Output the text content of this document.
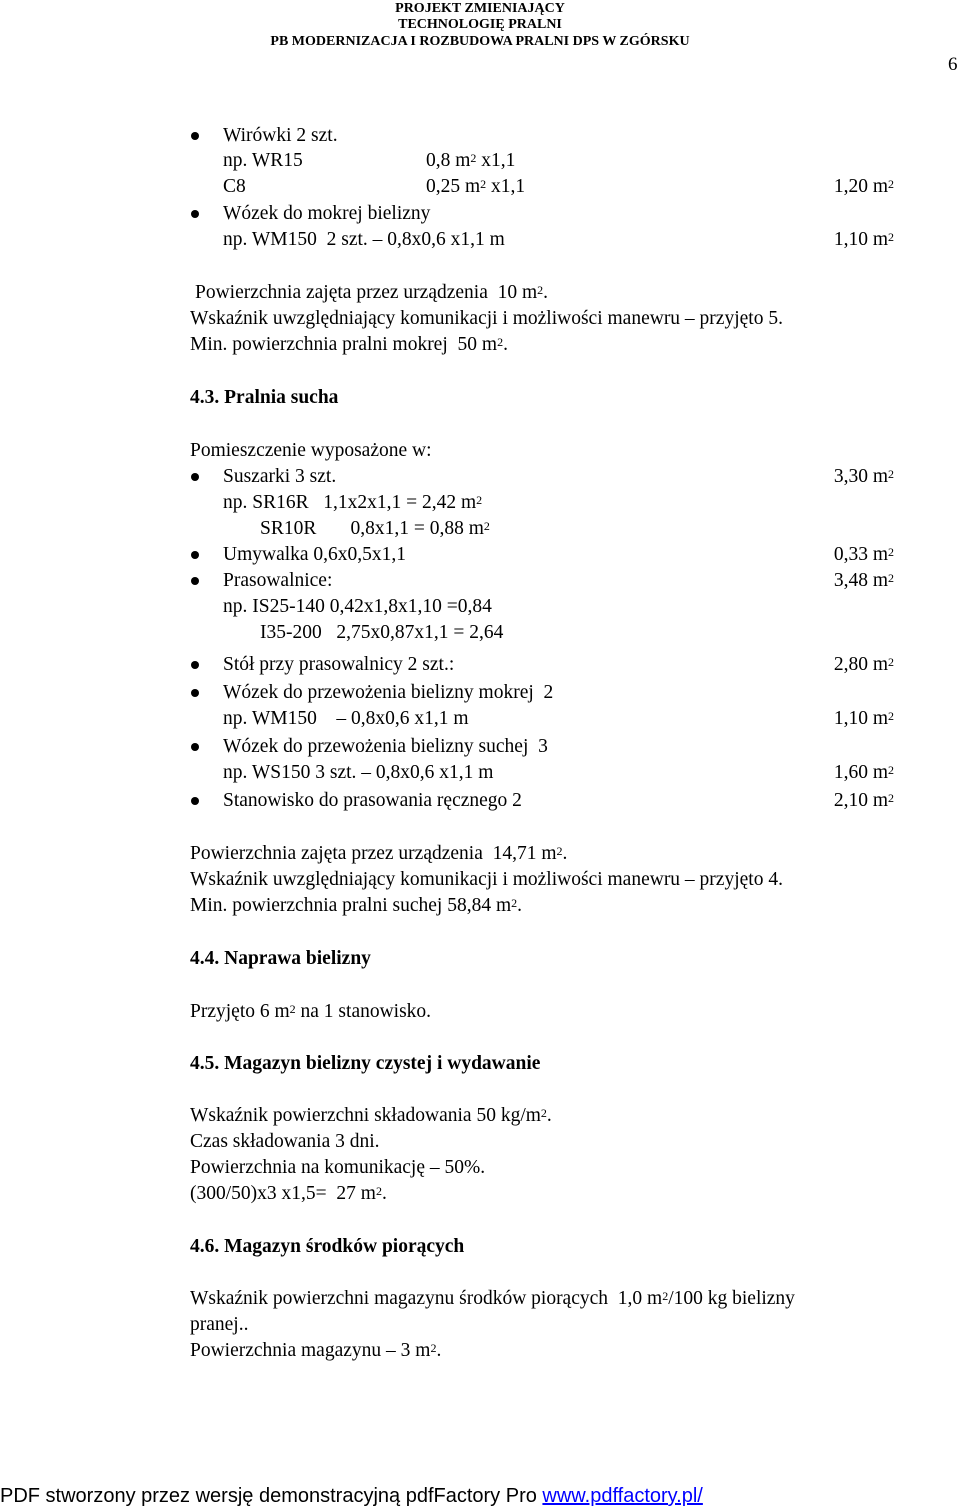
PROJEKT ZMIENIAJĄCY
TECHNOLOGIĘ PRALNI
PB MODERNIZACJA I ROZBUDOWA PRALNI DPS W ZGÓRSKU
6
Wirówki 2 szt.
np. WR15	0,8 $m^2$ x1,1
C8	0,25 $m^2$ x1,1	1,20 $m^2$
Wózek do mokrej bielizny
np. WM150  2 szt. – 0,8x0,6 x1,1 m	1,10 $m^2$
Powierzchnia zajęta przez urządzenia  10 $m^2$.
Wskaźnik uwzględniający komunikacji i możliwości manewru – przyjęto 5.
Min. powierzchnia pralni mokrej  50 $m^2$.
4.3. Pralnia sucha
Pomieszczenie wyposażone w:
Suszarki 3 szt.	3,30 $m^2$
np. SR16R   1,1x2x1,1 = 2,42 $m^2$
SR10R       0,8x1,1 = 0,88 $m^2$
Umywalka 0,6x0,5x1,1	0,33 $m^2$
Prasowalnice:	3,48 $m^2$
np. IS25-140 0,42x1,8x1,10 =0,84
I35-200   2,75x0,87x1,1 = 2,64
Stół przy prasowalnicy 2 szt.:	2,80 $m^2$
Wózek do przewożenia bielizny mokrej  2
np. WM150    – 0,8x0,6 x1,1 m	1,10 $m^2$
Wózek do przewożenia bielizny suchej  3
np. WS150 3 szt. – 0,8x0,6 x1,1 m	1,60 $m^2$
Stanowisko do prasowania ręcznego 2	2,10 $m^2$
Powierzchnia zajęta przez urządzenia  14,71 $m^2$.
Wskaźnik uwzględniający komunikacji i możliwości manewru – przyjęto 4.
Min. powierzchnia pralni suchej 58,84 $m^2$.
4.4. Naprawa bielizny
Przyjęto 6 $m^2$ na 1 stanowisko.
4.5. Magazyn bielizny czystej i wydawanie
Wskaźnik powierzchni składowania 50 $kg/m^2$.
Czas składowania 3 dni.
Powierzchnia na komunikację – 50%.
(300/50)x3 x1,5=  27 $m^2$.
4.6. Magazyn środków piorących
Wskaźnik powierzchni magazynu środków piorących  1,0 $m^2/100$ kg bielizny
pranej..
Powierzchnia magazynu – 3 $m^2$.
PDF stworzony przez wersję demonstracyjną pdfFactory Pro www.pdffactory.pl/
